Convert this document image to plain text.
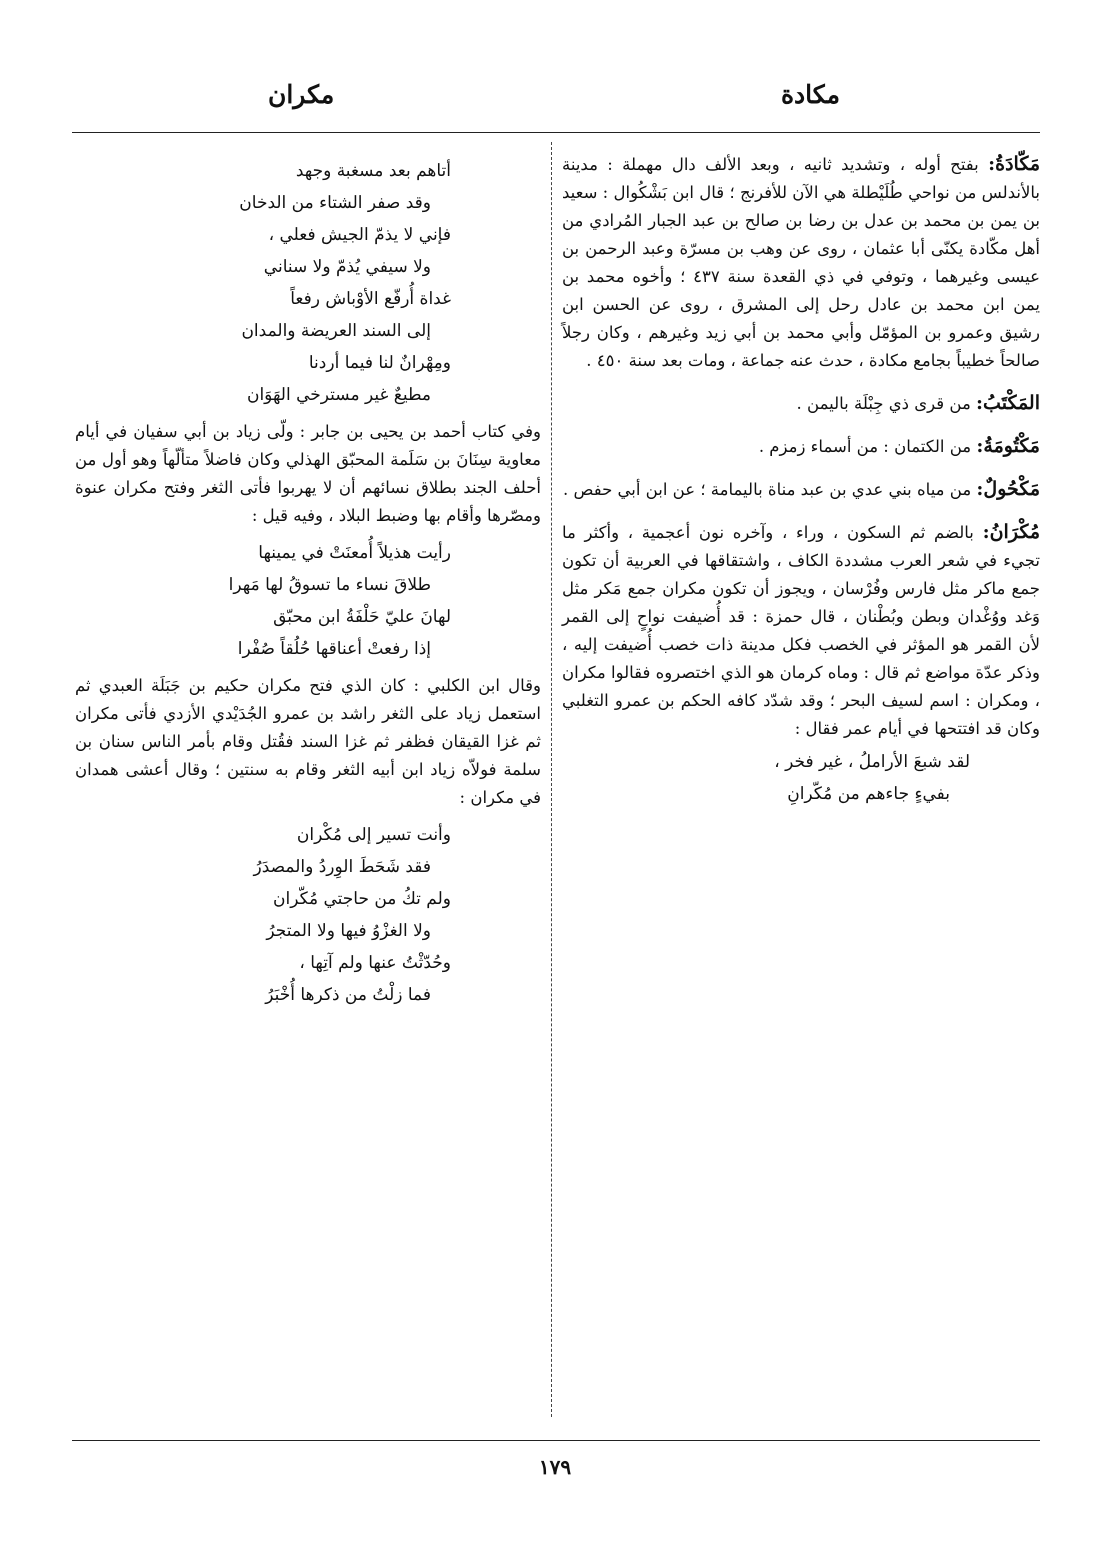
مكادة
مكران

مَكّادَةُ: بفتح أوله ، وتشديد ثانيه ، وبعد الألف دال مهملة : مدينة بالأندلس من نواحي طُلَيْطلة هي الآن للأفرنج ؛ قال ابن بَشْكُوال : سعيد بن يمن بن محمد بن عدل بن رضا بن صالح بن عبد الجبار المُرادي من أهل مكّادة يكنّى أبا عثمان ، روى عن وهب بن مسرّة وعبد الرحمن بن عيسى وغيرهما ، وتوفي في ذي القعدة سنة ٤٣٧ ؛ وأخوه محمد بن يمن ابن محمد بن عادل رحل إلى المشرق ، روى عن الحسن ابن رشيق وعمرو بن المؤمّل وأبي محمد بن أبي زيد وغيرهم ، وكان رجلاً صالحاً خطيباً بجامع مكادة ، حدث عنه جماعة ، ومات بعد سنة ٤٥٠ .

المَكْتَبُ: من قرى ذي جِبْلَة باليمن .

مَكْتُومَةُ: من الكتمان : من أسماء زمزم .

مَكْحُولٌ: من مياه بني عدي بن عبد مناة باليمامة ؛ عن ابن أبي حفص .

مُكْرَانُ: بالضم ثم السكون ، وراء ، وآخره نون أعجمية ، وأكثر ما تجيء في شعر العرب مشددة الكاف ، واشتقاقها في العربية أن تكون جمع ماكر مثل فارس وفُرْسان ، ويجوز أن تكون مكران جمع مَكر مثل وَغد ووُغْدان وبطن وبُطْنان ، قال حمزة : قد أُضيفت نواحٍ إلى القمر لأن القمر هو المؤثر في الخصب فكل مدينة ذات خصب أُضيفت إليه ، وذكر عدّة مواضع ثم قال : وماه كرمان هو الذي اختصروه فقالوا مكران ، ومكران : اسم لسيف البحر ؛ وقد شدّد كافه الحكم بن عمرو التغلبي وكان قد افتتحها في أيام عمر فقال :

لقد شبعَ الأراملُ ، غير فخر ،
بفيءٍ جاءهم من مُكّرانِ
أتاهم بعد مسغبة وجهد
وقد صفر الشتاء من الدخان
فإني لا يذمّ الجيش فعلي ،
ولا سيفي يُذمّ ولا سناني
غداة أُرفّع الأوْباش رفعاً
إلى السند العريضة والمدان
ومِهْرانٌ لنا فيما أردنا
مطيعٌ غير مسترخي الهَوَان

وفي كتاب أحمد بن يحيى بن جابر : ولّى زياد بن أبي سفيان في أيام معاوية سِنَانَ بن سَلَمة المحبّق الهذلي وكان فاضلاً متألّهاً وهو أول من أحلف الجند بطلاق نسائهم أن لا يهربوا فأتى الثغر وفتح مكران عنوة ومصّرها وأقام بها وضبط البلاد ، وفيه قيل :

رأيت هذيلاً أُمعنَتْ في يمينها
طلاقَ نساء ما تسوقُ لها مَهرا
لهانَ عليّ حَلْفَةُ ابن محبّق
إذا رفعتْ أعناقها حُلُقاً صُفْرا

وقال ابن الكلبي : كان الذي فتح مكران حكيم بن جَبَلَة العبدي ثم استعمل زياد على الثغر راشد بن عمرو الجُدَيْدي الأزدي فأتى مكران ثم غزا القيقان فظفر ثم غزا السند فقُتل وقام بأمر الناس سنان بن سلمة فولاّه زياد ابن أبيه الثغر وقام به سنتين ؛ وقال أعشى همدان في مكران :

وأنت تسير إلى مُكْران
فقد شَحَطَ الوِردُ والمصدَرُ
ولم تكُ من حاجتي مُكّران
ولا الغزْوُ فيها ولا المتجرُ
وحُدّثْتُ عنها ولم آتِها ،
فما زلْتُ من ذكرها أُخْبَرُ
١٧٩
